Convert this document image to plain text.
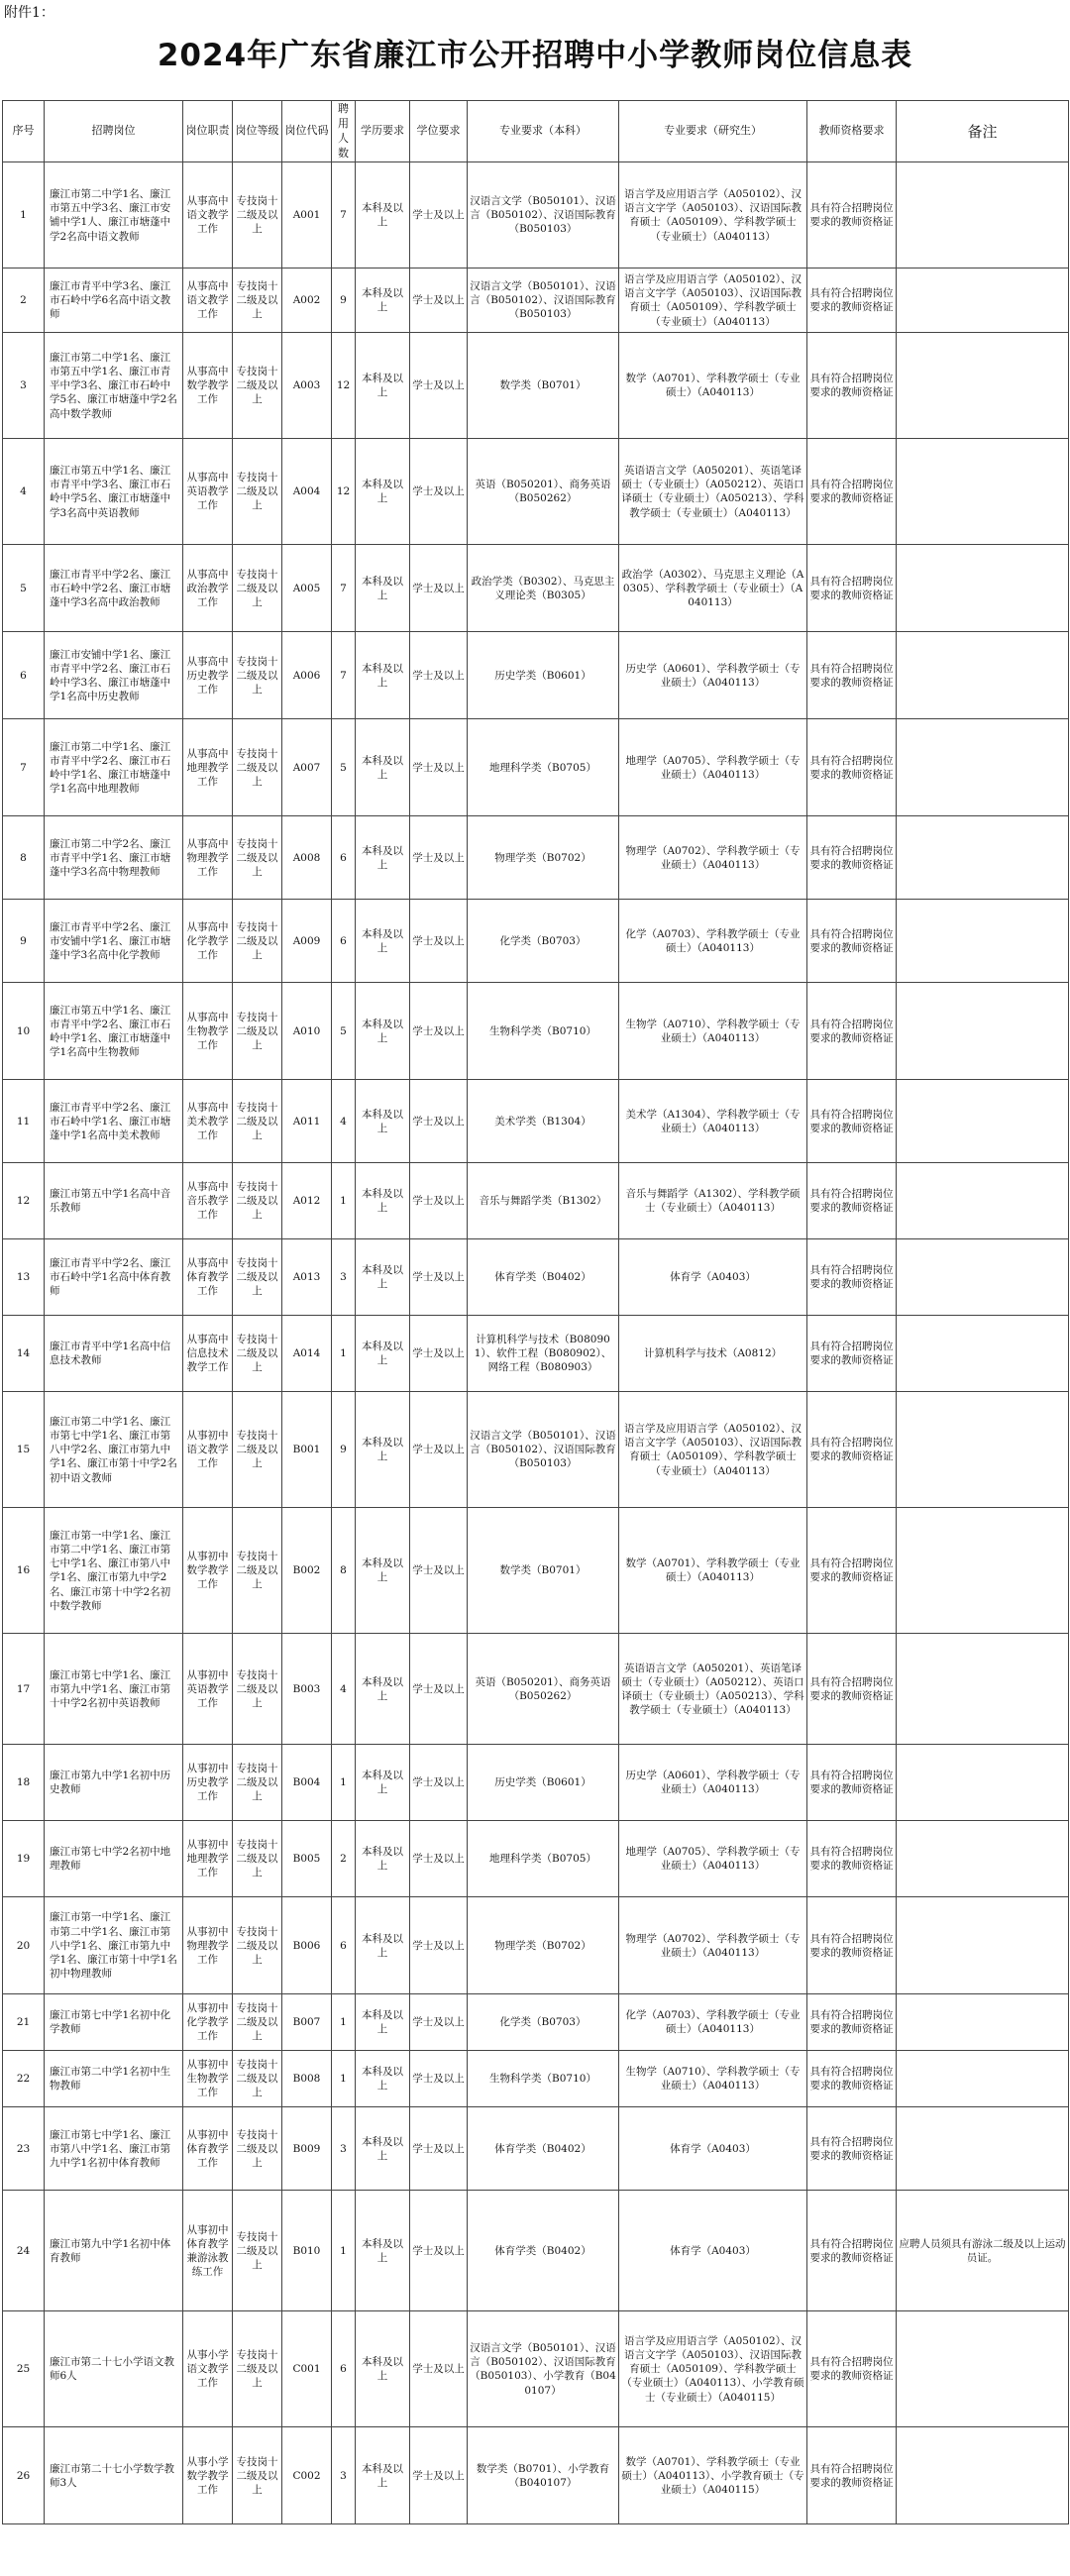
附件1：
2024年广东省廉江市公开招聘中小学教师岗位信息表
序号	招聘岗位	岗位职责	岗位等级	岗位代码	聘用人数	学历要求	学位要求	专业要求（本科）	专业要求（研究生）	教师资格要求	备注
1	廉江市第二中学1名、廉江市第五中学3名、廉江市安铺中学1人、廉江市塘蓬中学2名高中语文教师	从事高中语文教学工作	专技岗十二级及以上	A001	7	本科及以上	学士及以上	汉语言文学（B050101）、汉语言（B050102）、汉语国际教育（B050103）	语言学及应用语言学（A050102）、汉语言文字学（A050103）、汉语国际教育硕士（A050109）、学科教学硕士（专业硕士）（A040113）	具有符合招聘岗位要求的教师资格证	
2	廉江市青平中学3名、廉江市石岭中学6名高中语文教师	从事高中语文教学工作	专技岗十二级及以上	A002	9	本科及以上	学士及以上	汉语言文学（B050101）、汉语言（B050102）、汉语国际教育（B050103）	语言学及应用语言学（A050102）、汉语言文字学（A050103）、汉语国际教育硕士（A050109）、学科教学硕士（专业硕士）（A040113）	具有符合招聘岗位要求的教师资格证	
3	廉江市第二中学1名、廉江市第五中学1名、廉江市青平中学3名、廉江市石岭中学5名、廉江市塘蓬中学2名高中数学教师	从事高中数学教学工作	专技岗十二级及以上	A003	12	本科及以上	学士及以上	数学类（B0701）	数学（A0701）、学科教学硕士（专业硕士）（A040113）	具有符合招聘岗位要求的教师资格证	
4	廉江市第五中学1名、廉江市青平中学3名、廉江市石岭中学5名、廉江市塘蓬中学3名高中英语教师	从事高中英语教学工作	专技岗十二级及以上	A004	12	本科及以上	学士及以上	英语（B050201）、商务英语（B050262）	英语语言文学（A050201）、英语笔译硕士（专业硕士）（A050212）、英语口译硕士（专业硕士）（A050213）、学科教学硕士（专业硕士）（A040113）	具有符合招聘岗位要求的教师资格证	
5	廉江市青平中学2名、廉江市石岭中学2名、廉江市塘蓬中学3名高中政治教师	从事高中政治教学工作	专技岗十二级及以上	A005	7	本科及以上	学士及以上	政治学类（B0302）、马克思主义理论类（B0305）	政治学（A0302）、马克思主义理论（A0305）、学科教学硕士（专业硕士）（A040113）	具有符合招聘岗位要求的教师资格证	
6	廉江市安铺中学1名、廉江市青平中学2名、廉江市石岭中学3名、廉江市塘蓬中学1名高中历史教师	从事高中历史教学工作	专技岗十二级及以上	A006	7	本科及以上	学士及以上	历史学类（B0601）	历史学（A0601）、学科教学硕士（专业硕士）（A040113）	具有符合招聘岗位要求的教师资格证	
7	廉江市第二中学1名、廉江市青平中学2名、廉江市石岭中学1名、廉江市塘蓬中学1名高中地理教师	从事高中地理教学工作	专技岗十二级及以上	A007	5	本科及以上	学士及以上	地理科学类（B0705）	地理学（A0705）、学科教学硕士（专业硕士）（A040113）	具有符合招聘岗位要求的教师资格证	
8	廉江市第二中学2名、廉江市青平中学1名、廉江市塘蓬中学3名高中物理教师	从事高中物理教学工作	专技岗十二级及以上	A008	6	本科及以上	学士及以上	物理学类（B0702）	物理学（A0702）、学科教学硕士（专业硕士）（A040113）	具有符合招聘岗位要求的教师资格证	
9	廉江市青平中学2名、廉江市安铺中学1名、廉江市塘蓬中学3名高中化学教师	从事高中化学教学工作	专技岗十二级及以上	A009	6	本科及以上	学士及以上	化学类（B0703）	化学（A0703）、学科教学硕士（专业硕士）（A040113）	具有符合招聘岗位要求的教师资格证	
10	廉江市第五中学1名、廉江市青平中学2名、廉江市石岭中学1名、廉江市塘蓬中学1名高中生物教师	从事高中生物教学工作	专技岗十二级及以上	A010	5	本科及以上	学士及以上	生物科学类（B0710）	生物学（A0710）、学科教学硕士（专业硕士）（A040113）	具有符合招聘岗位要求的教师资格证	
11	廉江市青平中学2名、廉江市石岭中学1名、廉江市塘蓬中学1名高中美术教师	从事高中美术教学工作	专技岗十二级及以上	A011	4	本科及以上	学士及以上	美术学类（B1304）	美术学（A1304）、学科教学硕士（专业硕士）（A040113）	具有符合招聘岗位要求的教师资格证	
12	廉江市第五中学1名高中音乐教师	从事高中音乐教学工作	专技岗十二级及以上	A012	1	本科及以上	学士及以上	音乐与舞蹈学类（B1302）	音乐与舞蹈学（A1302）、学科教学硕士（专业硕士）（A040113）	具有符合招聘岗位要求的教师资格证	
13	廉江市青平中学2名、廉江市石岭中学1名高中体育教师	从事高中体育教学工作	专技岗十二级及以上	A013	3	本科及以上	学士及以上	体育学类（B0402）	体育学（A0403）	具有符合招聘岗位要求的教师资格证	
14	廉江市青平中学1名高中信息技术教师	从事高中信息技术教学工作	专技岗十二级及以上	A014	1	本科及以上	学士及以上	计算机科学与技术（B080901）、软件工程（B080902）、网络工程（B080903）	计算机科学与技术（A0812）	具有符合招聘岗位要求的教师资格证	
15	廉江市第二中学1名、廉江市第七中学1名、廉江市第八中学2名、廉江市第九中学1名、廉江市第十中学2名初中语文教师	从事初中语文教学工作	专技岗十二级及以上	B001	9	本科及以上	学士及以上	汉语言文学（B050101）、汉语言（B050102）、汉语国际教育（B050103）	语言学及应用语言学（A050102）、汉语言文字学（A050103）、汉语国际教育硕士（A050109）、学科教学硕士（专业硕士）（A040113）	具有符合招聘岗位要求的教师资格证	
16	廉江市第一中学1名、廉江市第二中学1名、廉江市第七中学1名、廉江市第八中学1名、廉江市第九中学2名、廉江市第十中学2名初中数学教师	从事初中数学教学工作	专技岗十二级及以上	B002	8	本科及以上	学士及以上	数学类（B0701）	数学（A0701）、学科教学硕士（专业硕士）（A040113）	具有符合招聘岗位要求的教师资格证	
17	廉江市第七中学1名、廉江市第九中学1名、廉江市第十中学2名初中英语教师	从事初中英语教学工作	专技岗十二级及以上	B003	4	本科及以上	学士及以上	英语（B050201）、商务英语（B050262）	英语语言文学（A050201）、英语笔译硕士（专业硕士）（A050212）、英语口译硕士（专业硕士）（A050213）、学科教学硕士（专业硕士）（A040113）	具有符合招聘岗位要求的教师资格证	
18	廉江市第九中学1名初中历史教师	从事初中历史教学工作	专技岗十二级及以上	B004	1	本科及以上	学士及以上	历史学类（B0601）	历史学（A0601）、学科教学硕士（专业硕士）（A040113）	具有符合招聘岗位要求的教师资格证	
19	廉江市第七中学2名初中地理教师	从事初中地理教学工作	专技岗十二级及以上	B005	2	本科及以上	学士及以上	地理科学类（B0705）	地理学（A0705）、学科教学硕士（专业硕士）（A040113）	具有符合招聘岗位要求的教师资格证	
20	廉江市第一中学1名、廉江市第二中学1名、廉江市第八中学1名、廉江市第九中学1名、廉江市第十中学1名初中物理教师	从事初中物理教学工作	专技岗十二级及以上	B006	6	本科及以上	学士及以上	物理学类（B0702）	物理学（A0702）、学科教学硕士（专业硕士）（A040113）	具有符合招聘岗位要求的教师资格证	
21	廉江市第七中学1名初中化学教师	从事初中化学教学工作	专技岗十二级及以上	B007	1	本科及以上	学士及以上	化学类（B0703）	化学（A0703）、学科教学硕士（专业硕士）（A040113）	具有符合招聘岗位要求的教师资格证	
22	廉江市第二中学1名初中生物教师	从事初中生物教学工作	专技岗十二级及以上	B008	1	本科及以上	学士及以上	生物科学类（B0710）	生物学（A0710）、学科教学硕士（专业硕士）（A040113）	具有符合招聘岗位要求的教师资格证	
23	廉江市第七中学1名、廉江市第八中学1名、廉江市第九中学1名初中体育教师	从事初中体育教学工作	专技岗十二级及以上	B009	3	本科及以上	学士及以上	体育学类（B0402）	体育学（A0403）	具有符合招聘岗位要求的教师资格证	
24	廉江市第九中学1名初中体育教师	从事初中体育教学兼游泳教练工作	专技岗十二级及以上	B010	1	本科及以上	学士及以上	体育学类（B0402）	体育学（A0403）	具有符合招聘岗位要求的教师资格证	应聘人员须具有游泳二级及以上运动员证。
25	廉江市第二十七小学语文教师6人	从事小学语文教学工作	专技岗十二级及以上	C001	6	本科及以上	学士及以上	汉语言文学（B050101）、汉语言（B050102）、汉语国际教育（B050103）、小学教育（B040107）	语言学及应用语言学（A050102）、汉语言文字学（A050103）、汉语国际教育硕士（A050109）、学科教学硕士（专业硕士）（A040113）、小学教育硕士（专业硕士）（A040115）	具有符合招聘岗位要求的教师资格证	
26	廉江市第二十七小学数学教师3人	从事小学数学教学工作	专技岗十二级及以上	C002	3	本科及以上	学士及以上	数学类（B0701）、小学教育（B040107）	数学（A0701）、学科教学硕士（专业硕士）（A040113）、小学教育硕士（专业硕士）（A040115）	具有符合招聘岗位要求的教师资格证	
